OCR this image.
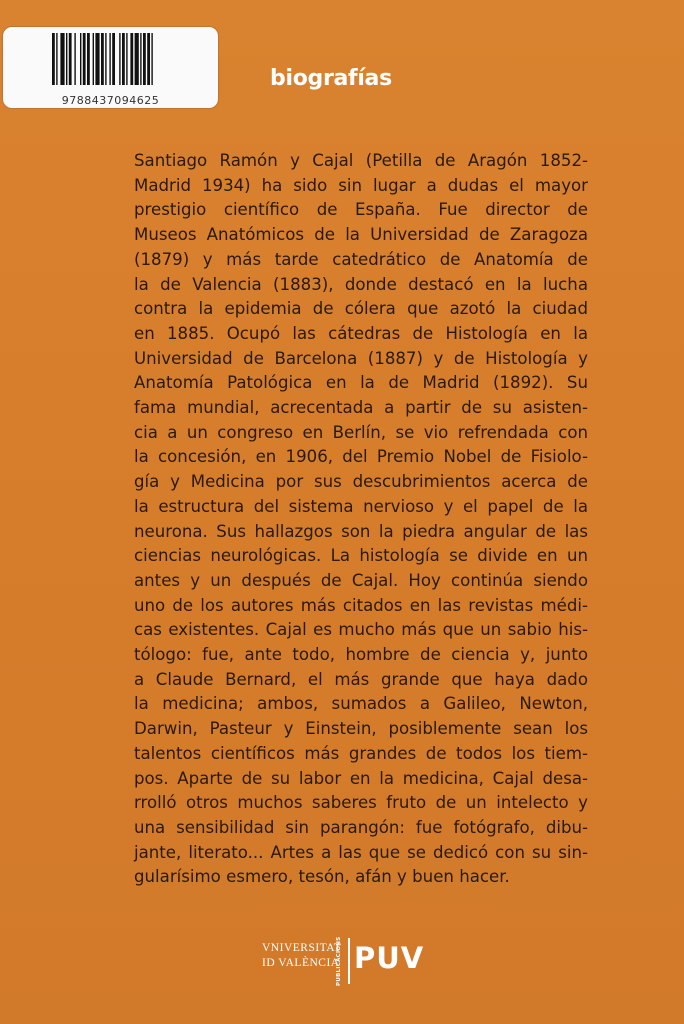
9788437094625
biografías
Santiago Ramón y Cajal (Petilla de Aragón 1852-
Madrid 1934) ha sido sin lugar a dudas el mayor
prestigio científico de España. Fue director de
Museos Anatómicos de la Universidad de Zaragoza
(1879) y más tarde catedrático de Anatomía de
la de Valencia (1883), donde destacó en la lucha
contra la epidemia de cólera que azotó la ciudad
en 1885. Ocupó las cátedras de Histología en la
Universidad de Barcelona (1887) y de Histología y
Anatomía Patológica en la de Madrid (1892). Su
fama mundial, acrecentada a partir de su asisten-
cia a un congreso en Berlín, se vio refrendada con
la concesión, en 1906, del Premio Nobel de Fisiolo-
gía y Medicina por sus descubrimientos acerca de
la estructura del sistema nervioso y el papel de la
neurona. Sus hallazgos son la piedra angular de las
ciencias neurológicas. La histología se divide en un
antes y un después de Cajal. Hoy continúa siendo
uno de los autores más citados en las revistas médi-
cas existentes. Cajal es mucho más que un sabio his-
tólogo: fue, ante todo, hombre de ciencia y, junto
a Claude Bernard, el más grande que haya dado
la medicina; ambos, sumados a Galileo, Newton,
Darwin, Pasteur y Einstein, posiblemente sean los
talentos científicos más grandes de todos los tiem-
pos. Aparte de su labor en la medicina, Cajal desa-
rrolló otros muchos saberes fruto de un intelecto y
una sensibilidad sin parangón: fue fotógrafo, dibu-
jante, literato... Artes a las que se dedicó con su sin-
gularísimo esmero, tesón, afán y buen hacer.
VNIVERSITAT
ID VALÈNCIA
PUBLICACIONS PUV
